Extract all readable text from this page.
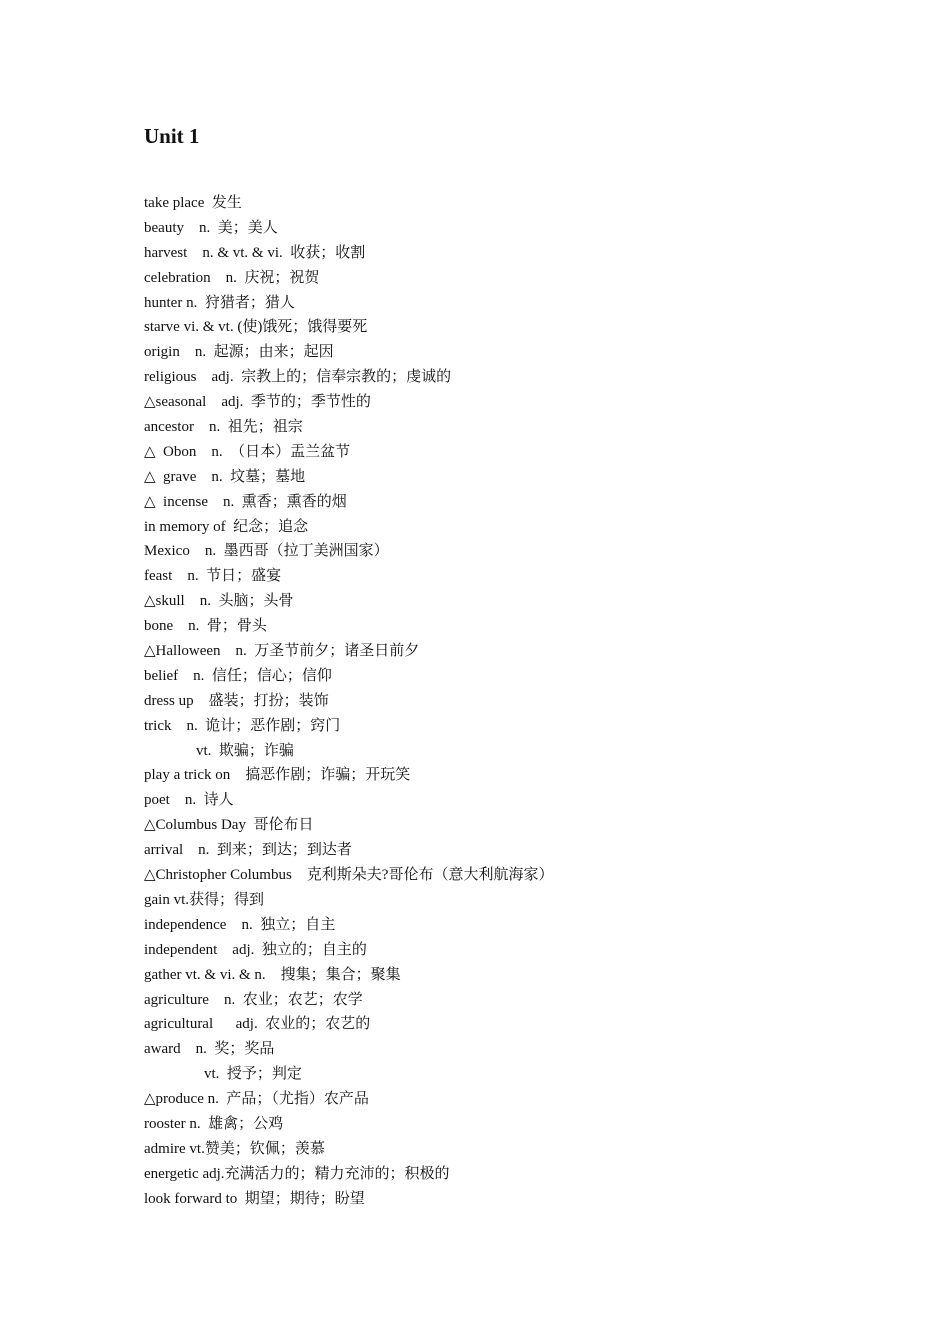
Unit 1
take place  发生
beauty    n.  美；美人
harvest    n. & vt. & vi.  收获；收割
celebration    n.  庆祝；祝贺
hunter n.  狩猎者；猎人
starve vi. & vt. (使)饿死；饿得要死
origin    n.  起源；由来；起因
religious    adj.  宗教上的；信奉宗教的；虔诚的
△seasonal    adj.  季节的；季节性的
ancestor    n.  祖先；祖宗
△  Obon    n.  （日本）盂兰盆节
△  grave    n.  坟墓；墓地
△  incense    n.  熏香；熏香的烟
in memory of  纪念；追念
Mexico    n.  墨西哥（拉丁美洲国家）
feast    n.  节日；盛宴
△skull    n.  头脑；头骨
bone    n.  骨；骨头
△Halloween    n.  万圣节前夕；诸圣日前夕
belief    n.  信任；信心；信仰
dress up    盛装；打扮；装饰
trick    n.  诡计；恶作剧；窍门
vt.  欺骗；诈骗
play a trick on    搞恶作剧；诈骗；开玩笑
poet    n.  诗人
△Columbus Day  哥伦布日
arrival    n.  到来；到达；到达者
△Christopher Columbus    克利斯朵夫?哥伦布（意大利航海家）
gain vt.获得；得到
independence    n.  独立；自主
independent    adj.  独立的；自主的
gather vt. & vi. & n.    搜集；集合；聚集
agriculture    n.  农业；农艺；农学
agricultural      adj.  农业的；农艺的
award    n.  奖；奖品
vt.  授予；判定
△produce n.  产品；（尤指）农产品
rooster n.  雄禽；公鸡
admire vt.赞美；钦佩；羡慕
energetic adj.充满活力的；精力充沛的；积极的
look forward to  期望；期待；盼望
